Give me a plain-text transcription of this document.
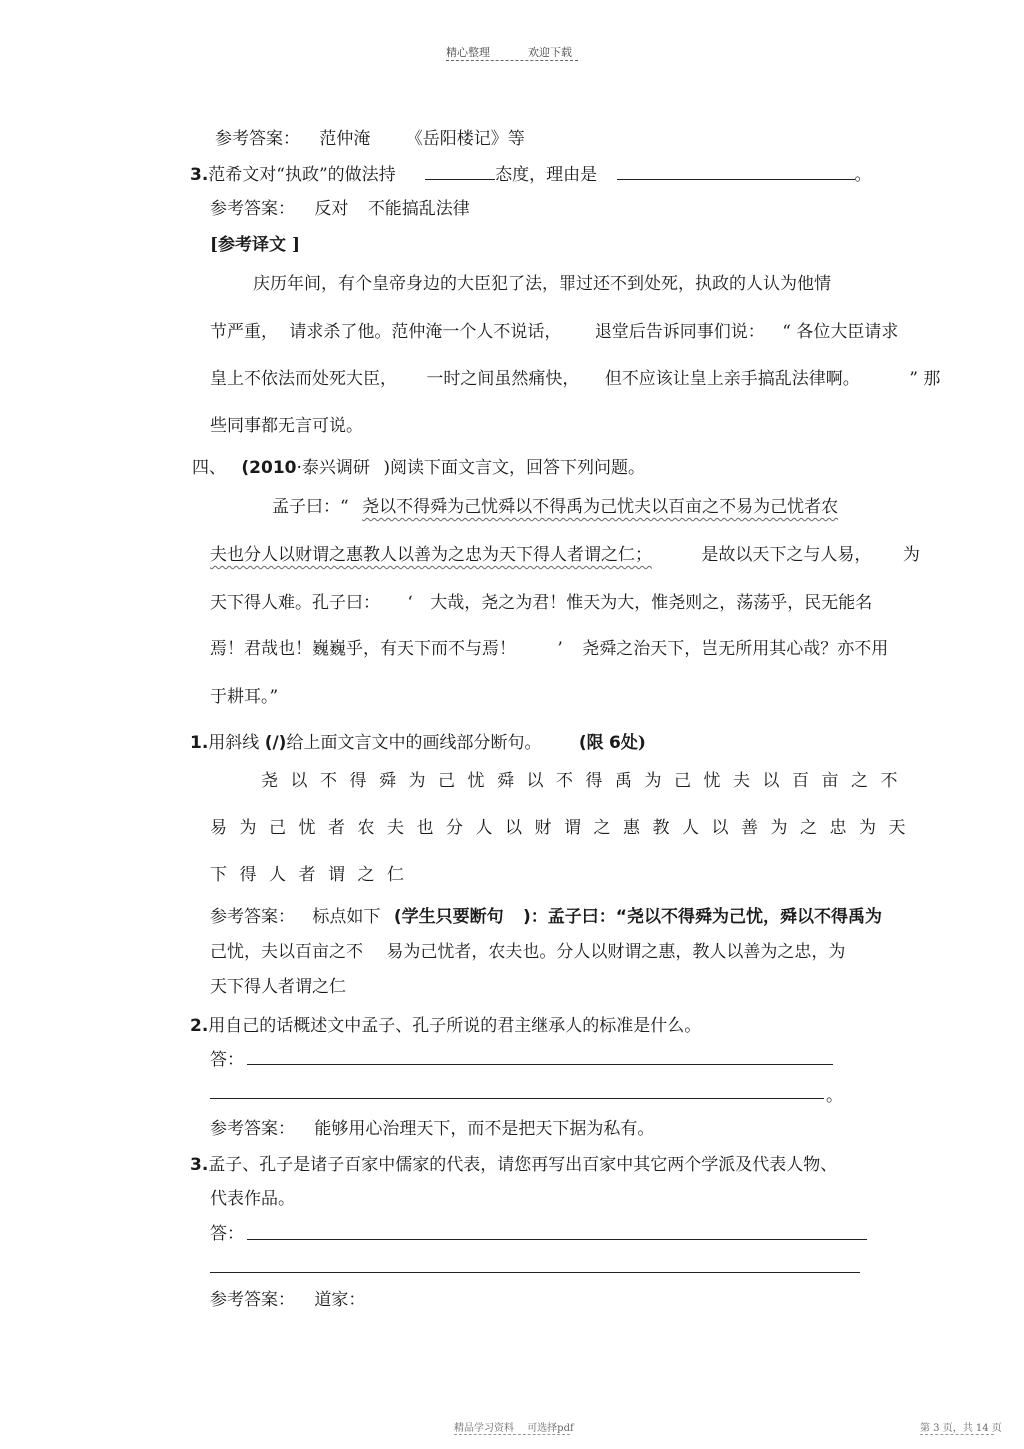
精心整理	欢迎下载
参考答案： 范仲淹 《岳阳楼记》等
3.范希文对“执政”的做法持	态度，理由是	。
参考答案： 反对 不能搞乱法律
[参考译文 ]
庆历年间，有个皇帝身边的大臣犯了法，罪过还不到处死，执政的人认为他情
节严重， 请求杀了他。范仲淹一个人不说话， 退堂后告诉同事们说： “ 各位大臣请求
皇上不依法而处死大臣， 一时之间虽然痛快， 但不应该让皇上亲手搞乱法律啊。	” 那
些同事都无言可说。
四、 (2010·泰兴调研 )阅读下面文言文，回答下列问题。
孟子曰：“ 尧以不得舜为己忧舜以不得禹为己忧夫以百亩之不易为己忧者农
夫也分人以财谓之惠教人以善为之忠为天下得人者谓之仁；	是故以天下之与人易， 为
天下得人难。孔子曰： ‘ 大哉，尧之为君！惟天为大，惟尧则之，荡荡乎，民无能名
焉！君哉也！巍巍乎，有天下而不与焉！ ’ 尧舜之治天下，岂无所用其心哉？亦不用
于耕耳。”
1.用斜线 (/)给上面文言文中的画线部分断句。 (限 6处)
尧以不得舜为己忧舜以不得禹为己忧夫以百亩之不
易为己忧者农夫也分人以财谓之惠教人以善为之忠为天
下得人者谓之仁
参考答案： 标点如下 (学生只要断句 )：孟子曰：“尧以不得舜为己忧，舜以不得禹为
己忧，夫以百亩之不 易为己忧者，农夫也。分人以财谓之惠，教人以善为之忠，为
天下得人者谓之仁
2.用自己的话概述文中孟子、孔子所说的君主继承人的标准是什么。
答：
。
参考答案： 能够用心治理天下，而不是把天下据为私有。
3.孟子、孔子是诸子百家中儒家的代表，请您再写出百家中其它两个学派及代表人物、
代表作品。
答：
参考答案： 道家：
精品学习资料 可选择pdf	第 3 页，共 14 页
